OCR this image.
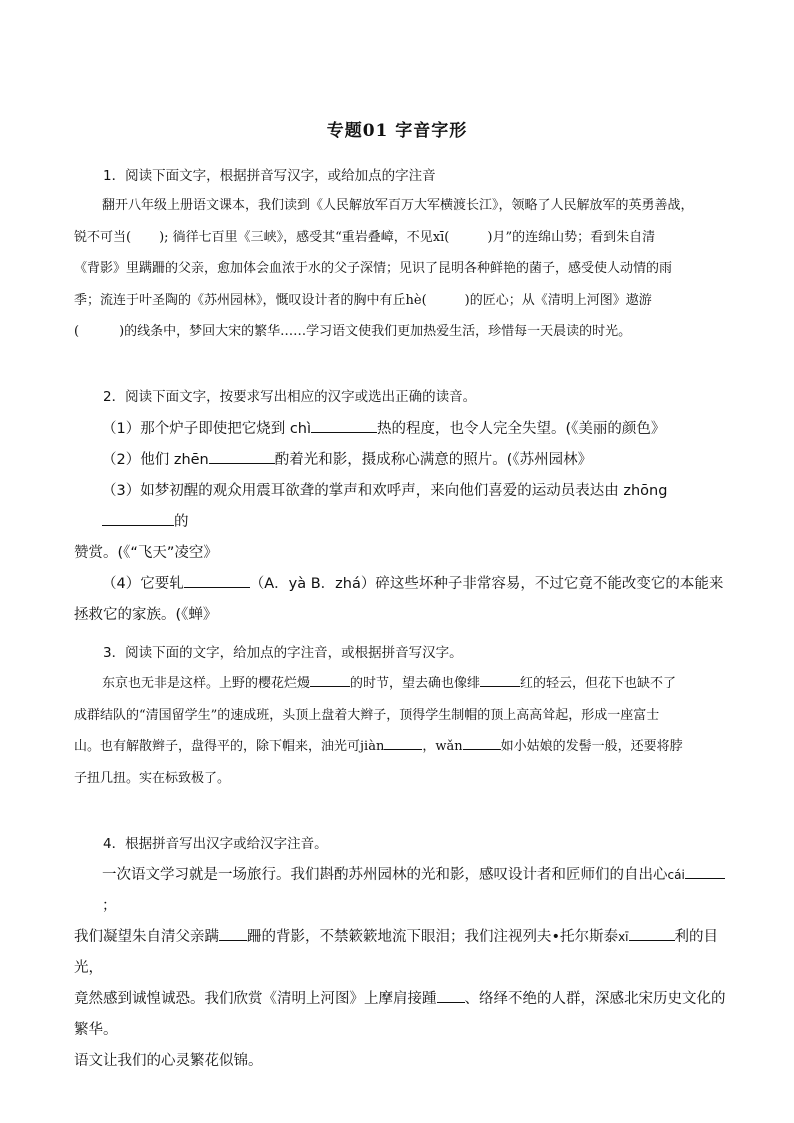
专题01 字音字形
1．阅读下面文字，根据拼音写汉字，或给加点的字注音
翻开八年级上册语文课本，我们读到《人民解放军百万大军横渡长江》，领略了人民解放军的英勇善战，
锐不可当( ); 徜徉七百里《三峡》，感受其“重岩叠嶂，不见xī(	)月”的连绵山势；看到朱自清
《背影》里蹒跚的父亲，愈加体会血浓于水的父子深情；见识了昆明各种鲜艳的菌子，感受使人动情的雨
季；流连于叶圣陶的《苏州园林》，慨叹设计者的胸中有丘hè(	)的匠心；从《清明上河图》遨游
(	)的线条中，梦回大宋的繁华……学习语文使我们更加热爱生活，珍惜每一天晨读的时光。
2．阅读下面文字，按要求写出相应的汉字或选出正确的读音。

（1）那个炉子即使把它烧到 chì	热的程度，也令人完全失望。(《美丽的颜色》

（2）他们 zhēn	酌着光和影，摄成称心满意的照片。(《苏州园林》

（3）如梦初醒的观众用震耳欲聋的掌声和欢呼声，来向他们喜爱的运动员表达由 zhōng的

赞赏。(《“飞天”凌空》

（4）它要轧	（A．yà B．zhá）碎这些坏种子非常容易，不过它竟不能改变它的本能来

拯救它的家族。(《蝉》

3．阅读下面的文字，给加点的字注音，或根据拼音写汉字。
东京也无非是这样。上野的樱花烂熳	的时节，望去确也像绯	红的轻云，但花下也缺不了
成群结队的“清国留学生”的速成班，头顶上盘着大辫子，顶得学生制帽的顶上高高耸起，形成一座富士
山。也有解散辫子，盘得平的，除下帽来，油光可jiàn	，wǎn	如小姑娘的发髻一般，还要将脖
子扭几扭。实在标致极了。
4．根据拼音写出汉字或给汉字注音。

一次语文学习就是一场旅行。我们斟酌苏州园林的光和影，感叹设计者和匠师们的自出心cái；

我们凝望朱自清父亲蹒 跚的背影，不禁簌簌地流下眼泪；我们注视列夫•托尔斯泰xī	利的目光，

竟然感到诚惶诚恐。我们欣赏《清明上河图》上摩肩接踵 、络绎不绝的人群，深感北宋历史文化的繁华。

语文让我们的心灵繁花似锦。
